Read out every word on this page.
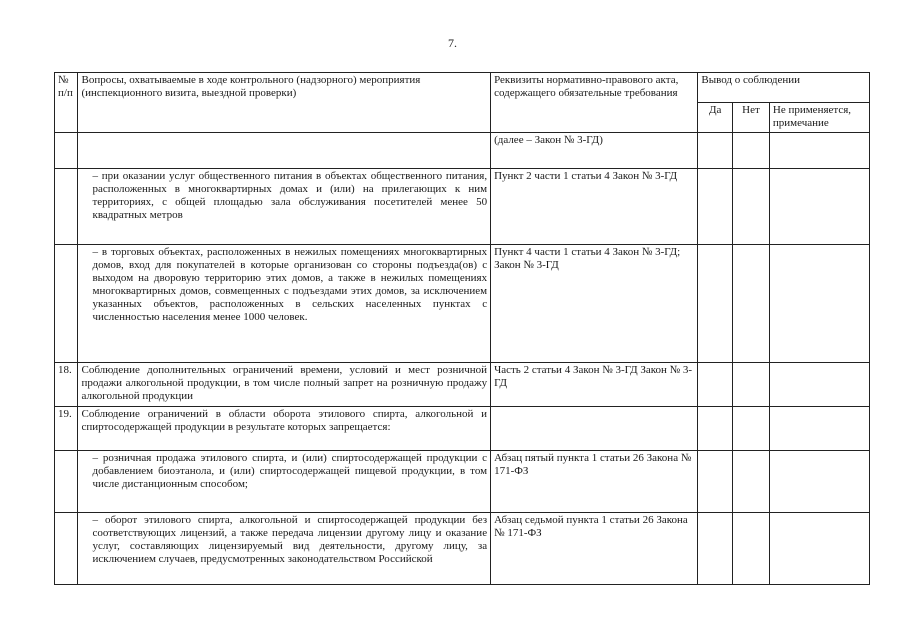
7.
№ п/п	Вопросы, охватываемые в ходе контрольного (надзорного) мероприятия (инспекционного визита, выездной проверки)	Реквизиты нормативно-правового акта, содержащего обязательные требования	Вывод о соблюдении		
			Да	Нет	Не применяется, примечание
		(далее – Закон № 3-ГД)			
	– при оказании услуг общественного питания в объектах общественного питания, расположенных в многоквартирных домах и (или) на прилегающих к ним территориях, с общей площадью зала обслуживания посетителей менее 50 квадратных метров	Пункт 2 части 1 статьи 4 Закон № 3-ГД			
	– в торговых объектах, расположенных в нежилых помещениях многоквартирных домов, вход для покупателей в которые организован со стороны подъезда(ов) с выходом на дворовую территорию этих домов, а также в нежилых помещениях многоквартирных домов, совмещенных с подъездами этих домов, за исключением указанных объектов, расположенных в сельских населенных пунктах с численностью населения менее 1000 человек.	Пункт 4 части 1 статьи 4 Закон № 3-ГД; Закон № 3-ГД			
18.	Соблюдение дополнительных ограничений времени, условий и мест розничной продажи алкогольной продукции, в том числе полный запрет на розничную продажу алкогольной продукции	Часть 2 статьи 4 Закон № 3-ГД Закон № 3-ГД			
19.	Соблюдение ограничений в области оборота этилового спирта, алкогольной и спиртосодержащей продукции в результате которых запрещается:				
	– розничная продажа этилового спирта, и (или) спиртосодержащей продукции с добавлением биоэтанола, и (или) спиртосодержащей пищевой продукции, в том числе дистанционным способом;	Абзац пятый пункта 1 статьи 26 Закона № 171-ФЗ			
	– оборот этилового спирта, алкогольной и спиртосодержащей продукции без соответствующих лицензий, а также передача лицензии другому лицу и оказание услуг, составляющих лицензируемый вид деятельности, другому лицу, за исключением случаев, предусмотренных законодательством Российской	Абзац седьмой пункта 1 статьи 26 Закона № 171-ФЗ			
